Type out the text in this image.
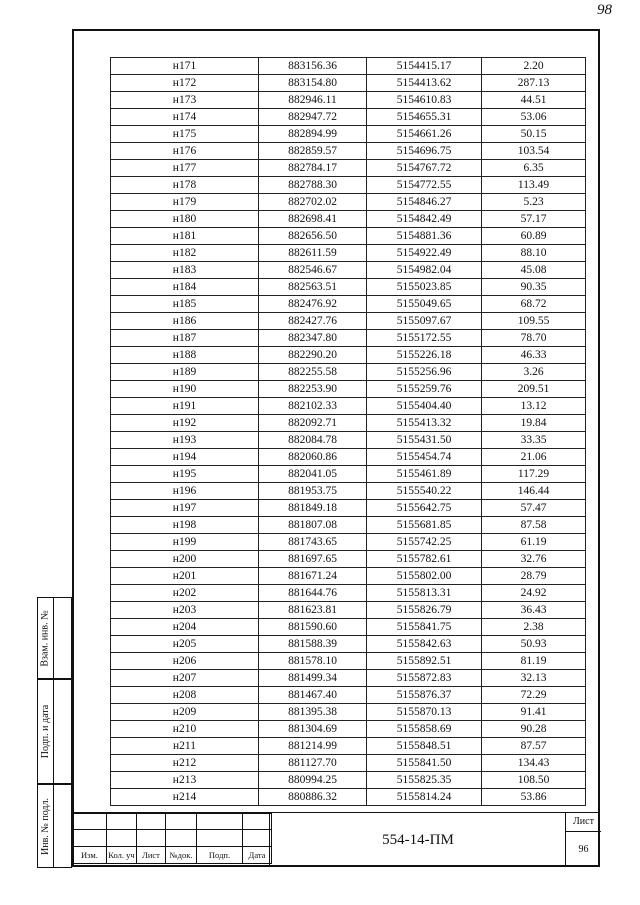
98
н171	883156.36	5154415.17	2.20
н172	883154.80	5154413.62	287.13
н173	882946.11	5154610.83	44.51
н174	882947.72	5154655.31	53.06
н175	882894.99	5154661.26	50.15
н176	882859.57	5154696.75	103.54
н177	882784.17	5154767.72	6.35
н178	882788.30	5154772.55	113.49
н179	882702.02	5154846.27	5.23
н180	882698.41	5154842.49	57.17
н181	882656.50	5154881.36	60.89
н182	882611.59	5154922.49	88.10
н183	882546.67	5154982.04	45.08
н184	882563.51	5155023.85	90.35
н185	882476.92	5155049.65	68.72
н186	882427.76	5155097.67	109.55
н187	882347.80	5155172.55	78.70
н188	882290.20	5155226.18	46.33
н189	882255.58	5155256.96	3.26
н190	882253.90	5155259.76	209.51
н191	882102.33	5155404.40	13.12
н192	882092.71	5155413.32	19.84
н193	882084.78	5155431.50	33.35
н194	882060.86	5155454.74	21.06
н195	882041.05	5155461.89	117.29
н196	881953.75	5155540.22	146.44
н197	881849.18	5155642.75	57.47
н198	881807.08	5155681.85	87.58
н199	881743.65	5155742.25	61.19
н200	881697.65	5155782.61	32.76
н201	881671.24	5155802.00	28.79
н202	881644.76	5155813.31	24.92
н203	881623.81	5155826.79	36.43
н204	881590.60	5155841.75	2.38
н205	881588.39	5155842.63	50.93
н206	881578.10	5155892.51	81.19
н207	881499.34	5155872.83	32.13
н208	881467.40	5155876.37	72.29
н209	881395.38	5155870.13	91.41
н210	881304.69	5155858.69	90.28
н211	881214.99	5155848.51	87.57
н212	881127.70	5155841.50	134.43
н213	880994.25	5155825.35	108.50
н214	880886.32	5155814.24	53.86
Взам. инв. №
Подп. и дата
Инв. № подл.

Изм.	Кол. уч	Лист	№док.	Подп.	Дата
554-14-ПМ
Лист
96
